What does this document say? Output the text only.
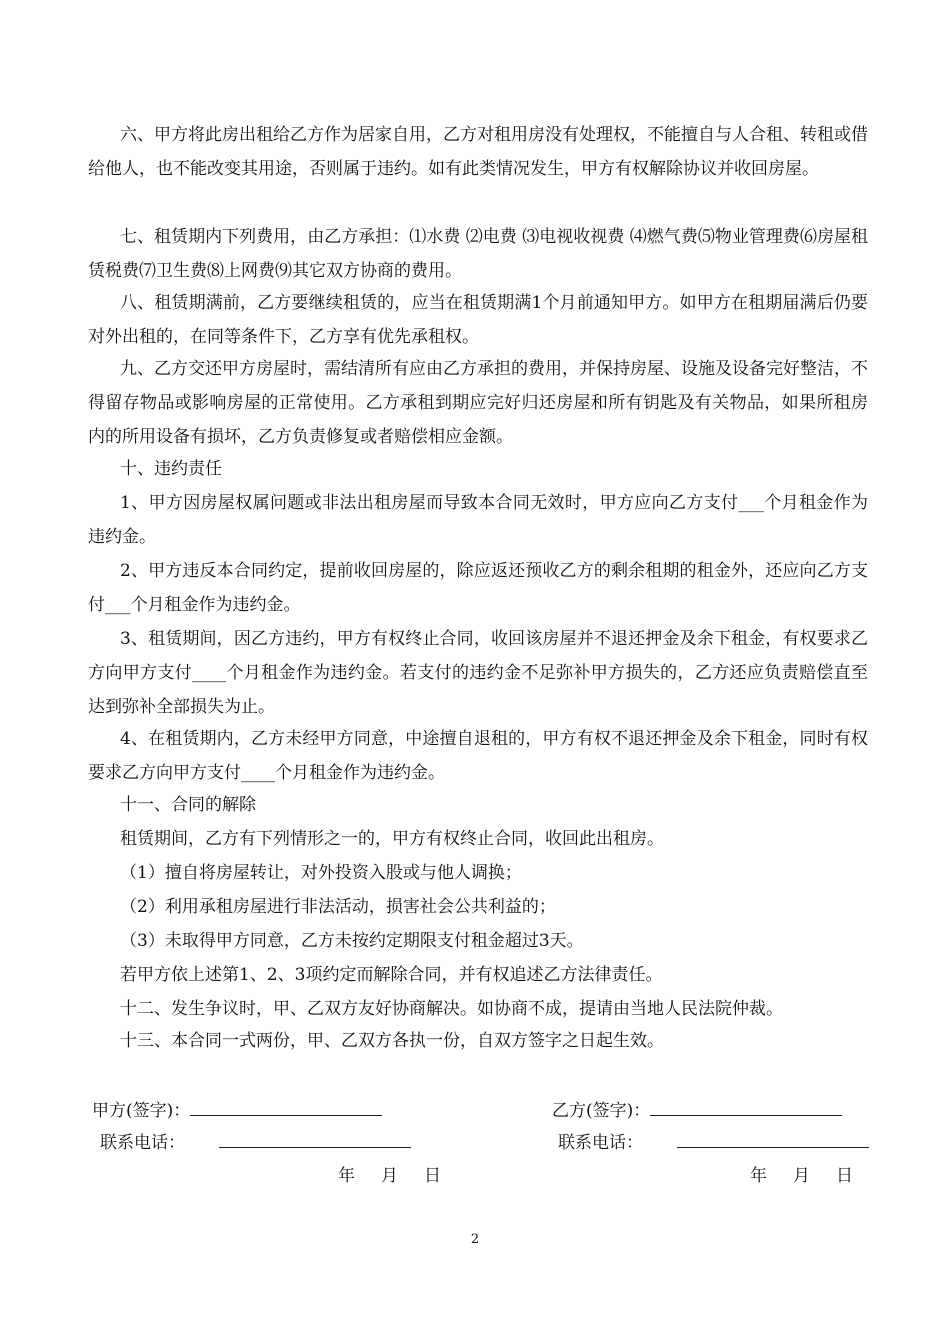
六、甲方将此房出租给乙方作为居家自用，乙方对租用房没有处理权，不能擅自与人合租、转租或借给他人，也不能改变其用途，否则属于违约。如有此类情况发生，甲方有权解除协议并收回房屋。

七、租赁期内下列费用，由乙方承担：⑴水费 ⑵电费 ⑶电视收视费 ⑷燃气费⑸物业管理费⑹房屋租赁税费⑺卫生费⑻上网费⑼其它双方协商的费用。

八、租赁期满前，乙方要继续租赁的，应当在租赁期满1个月前通知甲方。如甲方在租期届满后仍要对外出租的，在同等条件下，乙方享有优先承租权。

九、乙方交还甲方房屋时，需结清所有应由乙方承担的费用，并保持房屋、设施及设备完好整洁，不得留存物品或影响房屋的正常使用。乙方承租到期应完好归还房屋和所有钥匙及有关物品，如果所租房内的所用设备有损坏，乙方负责修复或者赔偿相应金额。

十、违约责任

1、甲方因房屋权属问题或非法出租房屋而导致本合同无效时，甲方应向乙方支付___个月租金作为违约金。

2、甲方违反本合同约定，提前收回房屋的，除应返还预收乙方的剩余租期的租金外，还应向乙方支付___个月租金作为违约金。

3、租赁期间，因乙方违约，甲方有权终止合同，收回该房屋并不退还押金及余下租金，有权要求乙方向甲方支付____个月租金作为违约金。若支付的违约金不足弥补甲方损失的，乙方还应负责赔偿直至达到弥补全部损失为止。

4、在租赁期内，乙方未经甲方同意，中途擅自退租的，甲方有权不退还押金及余下租金，同时有权要求乙方向甲方支付____个月租金作为违约金。

十一、合同的解除

租赁期间，乙方有下列情形之一的，甲方有权终止合同，收回此出租房。

（1）擅自将房屋转让，对外投资入股或与他人调换；

（2）利用承租房屋进行非法活动，损害社会公共利益的；

（3）未取得甲方同意，乙方未按约定期限支付租金超过3天。

若甲方依上述第1、2、3项约定而解除合同，并有权追述乙方法律责任。

十二、发生争议时，甲、乙双方友好协商解决。如协商不成，提请由当地人民法院仲裁。

十三、本合同一式两份，甲、乙双方各执一份，自双方签字之日起生效。

甲方(签字)：	乙方(签字)：
联系电话：	联系电话：
年 月 日	年 月 日
2
